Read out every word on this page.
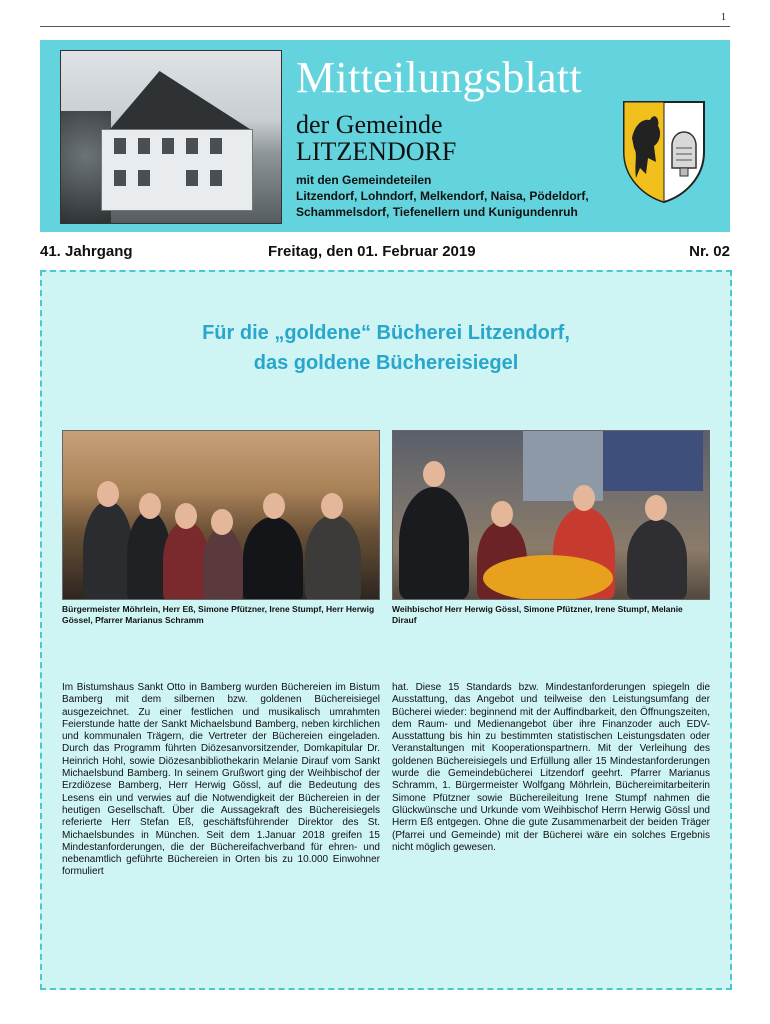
1
Mitteilungsblatt
der Gemeinde
LITZENDORF
mit den Gemeindeteilen
Litzendorf, Lohndorf, Melkendorf, Naisa, Pödeldorf,
Schammelsdorf, Tiefenellern und Kunigundenruh
41. Jahrgang	Freitag, den 01. Februar 2019	Nr. 02
Für die „goldene“ Bücherei Litzendorf,
das goldene Büchereisiegel
Bürgermeister Möhrlein, Herr Eß, Simone Pfützner, Irene Stumpf, Herr Herwig Gössel, Pfarrer Marianus Schramm
Weihbischof Herr Herwig Gössl, Simone Pfützner, Irene Stumpf, Melanie Dirauf
Im Bistumshaus Sankt Otto in Bamberg wurden Büchereien im Bistum Bamberg mit dem silbernen bzw. goldenen Büchereisiegel ausgezeichnet. Zu einer festlichen und musikalisch umrahmten Feierstunde hatte der Sankt Michaelsbund Bamberg, neben kirchlichen und kommunalen Trägern, die Vertreter der Büchereien eingeladen. Durch das Programm führten Diözesanvorsitzender, Domkapitular Dr. Heinrich Hohl, sowie Diözesanbibliothekarin Melanie Dirauf vom Sankt Michaelsbund Bamberg. In seinem Grußwort ging der Weihbischof der Erzdiözese Bamberg, Herr Herwig Gössl, auf die Bedeutung des Lesens ein und verwies auf die Notwendigkeit der Büchereien in der heutigen Gesellschaft. Über die Aussagekraft des Büchereisiegels referierte Herr Stefan Eß, geschäftsführender Direktor des St. Michaelsbundes in München. Seit dem 1.Januar 2018 greifen 15 Mindestanforderungen, die der Büchereifachverband für ehren- und nebenamtlich geführte Büchereien in Orten bis zu 10.000 Einwohner formuliert
hat. Diese 15 Standards bzw. Mindestanforderungen spiegeln die Ausstattung, das Angebot und teilweise den Leistungsumfang der Bücherei wieder: beginnend mit der Auffindbarkeit, den Öffnungszeiten, dem Raum- und Medienangebot über ihre Finanzoder auch EDV- Ausstattung bis hin zu bestimmten statistischen Leistungsdaten oder Veranstaltungen mit Kooperationspartnern. Mit der Verleihung des goldenen Büchereisiegels und Erfüllung aller 15 Mindestanforderungen wurde die Gemeindebücherei Litzendorf geehrt. Pfarrer Marianus Schramm, 1. Bürgermeister Wolfgang Möhrlein, Büchereimitarbeiterin Simone Pfützner sowie Büchereileitung Irene Stumpf nahmen die Glückwünsche und Urkunde vom Weihbischof Herrn Herwig Gössl und Herrn Eß entgegen. Ohne die gute Zusammenarbeit der beiden Träger (Pfarrei und Gemeinde) mit der Bücherei wäre ein solches Ergebnis nicht möglich gewesen.
